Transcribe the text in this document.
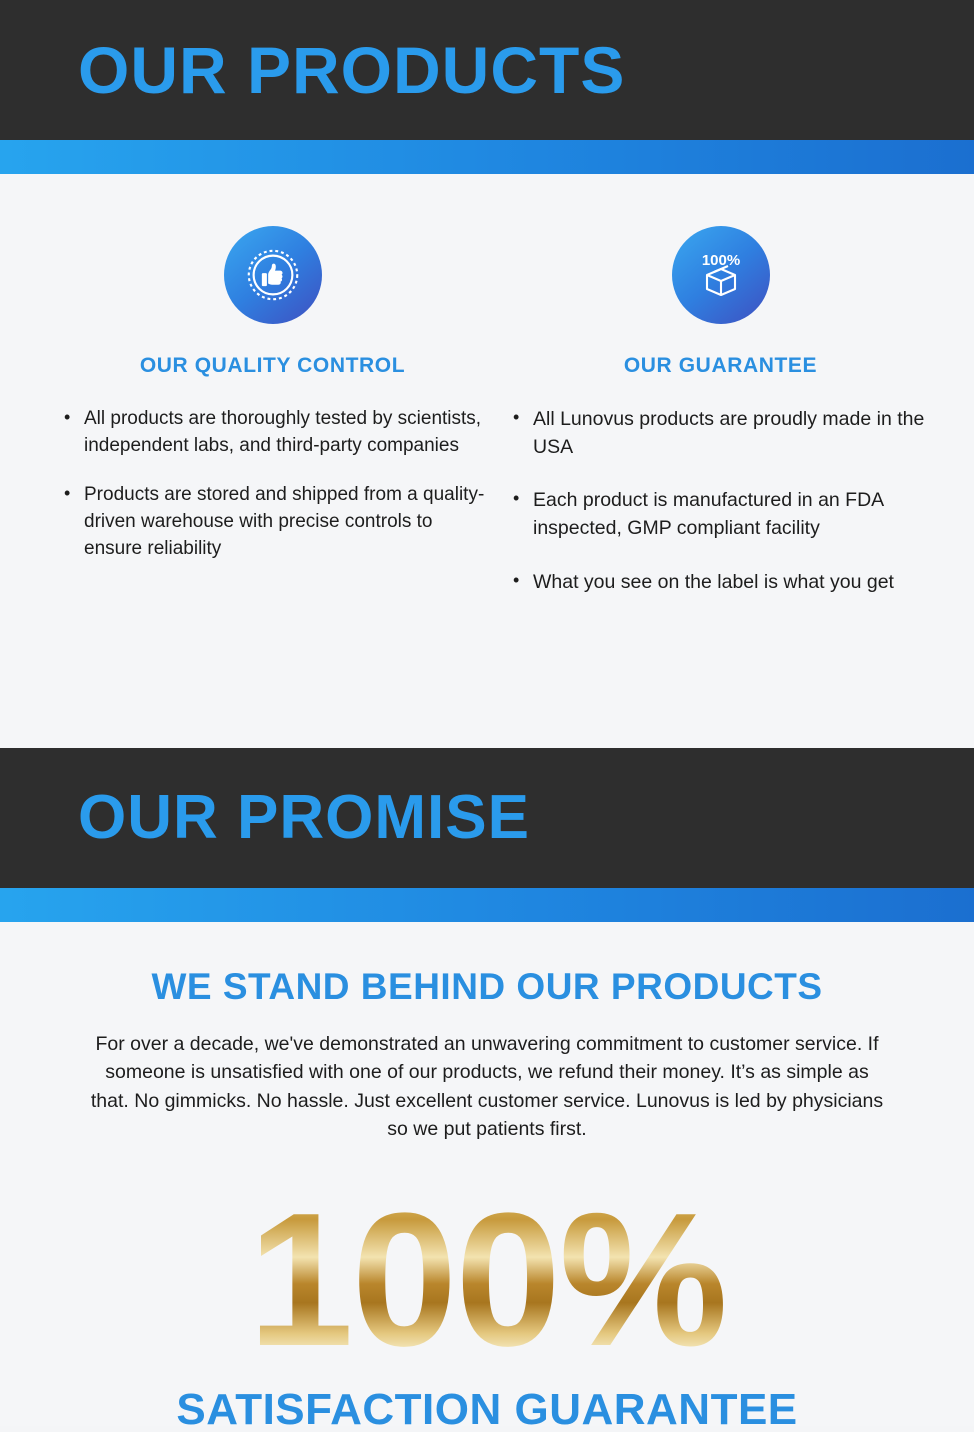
OUR PRODUCTS
OUR QUALITY CONTROL
• All products are thoroughly tested by scientists, independent labs, and third-party companies
• Products are stored and shipped from a quality-driven warehouse with precise controls to ensure reliability
100%
OUR GUARANTEE
• All Lunovus products are proudly made in the USA
• Each product is manufactured in an FDA inspected, GMP compliant facility
• What you see on the label is what you get
OUR PROMISE
WE STAND BEHIND OUR PRODUCTS
For over a decade, we've demonstrated an unwavering commitment to customer service. If someone is unsatisfied with one of our products, we refund their money. It’s as simple as that. No gimmicks. No hassle. Just excellent customer service. Lunovus is led by physicians so we put patients first.
100%
SATISFACTION GUARANTEE
